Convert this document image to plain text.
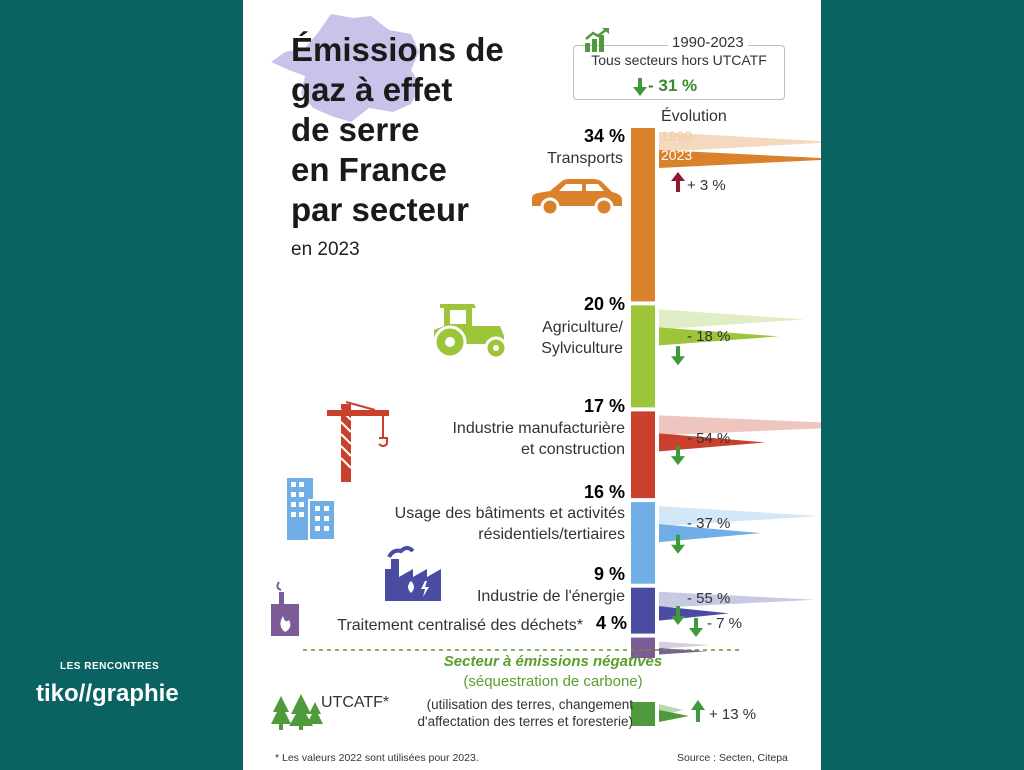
LES RENCONTRES
tiko//graphie
Émissions de
gaz à effet
de serre
en France
par secteur
en 2023
1990-2023
Tous secteurs hors UTCATF
- 31 %
Évolution
1990
2023
34 %
Transports
+ 3 %
20 %
Agriculture/
Sylviculture
- 18 %
17 %
Industrie manufacturière
et construction
- 54 %
16 %
Usage des bâtiments et activités
résidentiels/tertiaires
- 37 %
9 %
Industrie de l'énergie	- 55 %
Traitement centralisé des déchets* 4 %	- 7 %
Secteur à émissions négatives
(séquestration de carbone)
UTCATF*	(utilisation des terres, changement
d'affectation des terres et foresterie)	+ 13 %
* Les valeurs 2022 sont utilisées pour 2023.	Source : Secten, Citepa
